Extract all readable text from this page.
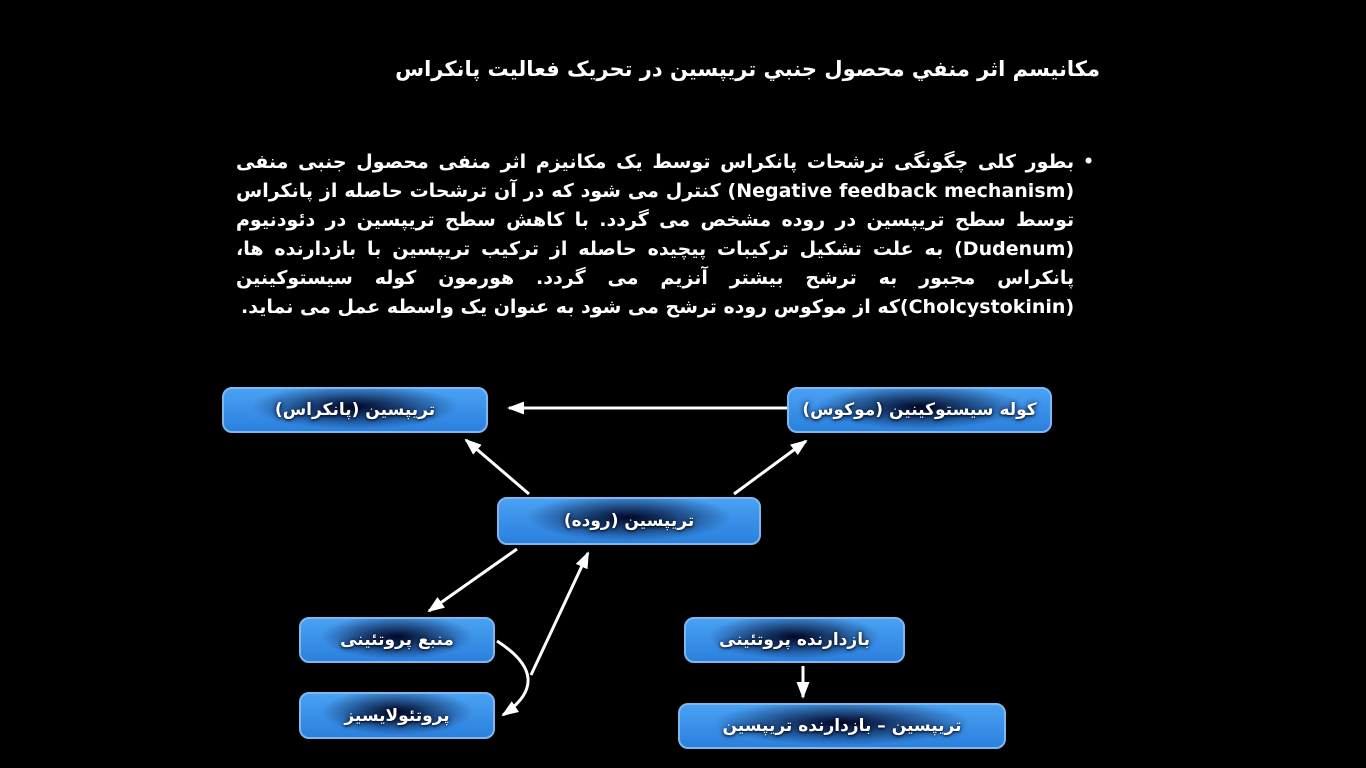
مکانیسم اثر منفي محصول جنبي تریپسین در تحریک فعالیت پانکراس
•

بطور کلی چگونگی ترشحات پانکراس توسط یک مکانیزم اثر منفی محصول جنبی منفی (Negative feedback mechanism) کنترل می شود که در آن ترشحات حاصله از پانکراس توسط سطح تریپسین در روده مشخص می گردد. با کاهش سطح تریپسین در دئودنیوم (Dudenum) به علت تشکیل ترکیبات پیچیده حاصله از ترکیب تریپسین با بازدارنده ها، پانکراس مجبور به ترشح بیشتر آنزیم می گردد. هورمون کوله سیستوکینین (Cholcystokinin)که از موکوس روده ترشح می شود به عنوان یک واسطه عمل می نماید.

تریپسین (پانکراس)	کوله سیستوکینین (موکوس)
تریپسین (روده)
منبع پروتئینی
پروتئولایسیز
بازدارنده پروتئینی
تریپسین – بازدارنده تریپسین
